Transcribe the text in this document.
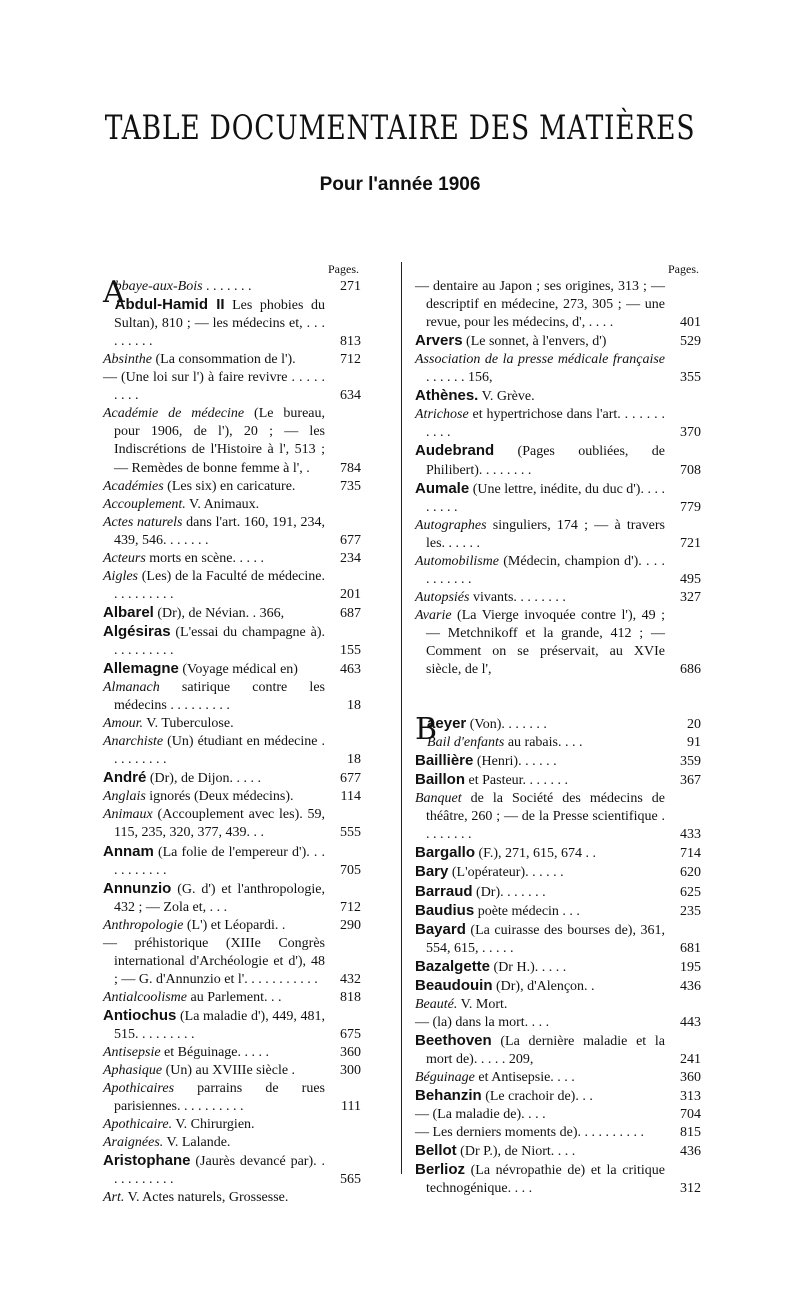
TABLE DOCUMENTAIRE DES MATIÈRES
Pour l'année 1906
Pages.
A
bbaye-aux-Bois . . . . . . .	271
Abdul-Hamid II Les phobies du Sultan), 810 ; — les médecins et, . . . . . . . . .	813
Absinthe (La consommation de l').	712
— (Une loi sur l') à faire revivre . . . . . . . . .	634
Académie de médecine (Le bureau, pour 1906, de l'), 20 ; — les Indiscrétions de l'Histoire à l', 513 ; — Remèdes de bonne femme à l', . 784
Académies (Les six) en caricature.	735
Accouplement. V. Animaux.
Actes naturels dans l'art. 160, 191, 234, 439, 546. . . . . . .	677
Acteurs morts en scène. . . . .	234
Aigles (Les) de la Faculté de médecine. . . . . . . . . .	201
Albarel (Dr), de Névian. . 366,	687
Algésiras (L'essai du champagne à). . . . . . . . . .	155
Allemagne (Voyage médical en)	463
Almanach satirique contre les médecins . . . . . . . . .	18
Amour. V. Tuberculose.
Anarchiste (Un) étudiant en médecine . . . . . . . . .	18
André (Dr), de Dijon. . . . .	677
Anglais ignorés (Deux médecins).	114
Animaux (Accouplement avec les). 59, 115, 235, 320, 377, 439. . .	555
Annam (La folie de l'empereur d'). . . . . . . . . . .	705
Annunzio (G. d') et l'anthropologie, 432 ; — Zola et, . . .	712
Anthropologie (L') et Léopardi. .	290
— préhistorique (XIIIe Congrès international d'Archéologie et d'), 48 ; — G. d'Annunzio et l'. . . . . . . . . . . 432
Antialcoolisme au Parlement. . .	818
Antiochus (La maladie d'), 449, 481, 515. . . . . . . . .	675
Antisepsie et Béguinage. . . . .	360
Aphasique (Un) au XVIIIe siècle .	300
Apothicaires parrains de rues parisiennes. . . . . . . . . .	111
Apothicaire. V. Chirurgien.
Araignées. V. Lalande.
Aristophane (Jaurès devancé par). . . . . . . . . . .	565
Art. V. Actes naturels, Grossesse.
Pages.
— dentaire au Japon ; ses origines, 313 ; — descriptif en médecine, 273, 305 ; — une revue, pour les médecins, d', . . . .	401
Arvers (Le sonnet, à l'envers, d')	529
Association de la presse médicale française . . . . . . 156,	355
Athènes. V. Grève.
Atrichose et hypertrichose dans l'art. . . . . . . . . . .	370
Audebrand (Pages oubliées, de Philibert). . . . . . . .	708
Aumale (Une lettre, inédite, du duc d'). . . . . . . . .	779
Autographes singuliers, 174 ; — à travers les. . . . . .	721
Automobilisme (Médecin, champion d'). . . . . . . . . . .	495
Autopsiés vivants. . . . . . . .	327
Avarie (La Vierge invoquée contre l'), 49 ; — Metchnikoff et la grande, 412 ; — Comment on se préservait, au XVIe siècle, de l',	686
B
aeyer (Von). . . . . . .	20
Bail d'enfants au rabais. . . .	91
Baillière (Henri). . . . . .	359
Baillon et Pasteur. . . . . . .	367
Banquet de la Société des médecins de théâtre, 260 ; — de la Presse scientifique . . . . . . . .	433
Bargallo (F.), 271, 615, 674 . .	714
Bary (L'opérateur). . . . . .	620
Barraud (Dr). . . . . . .	625
Baudius poète médecin . . .	235
Bayard (La cuirasse des bourses de), 361, 554, 615, . . . . .	681
Bazalgette (Dr H.). . . . .	195
Beaudouin (Dr), d'Alençon. .	436
Beauté. V. Mort.
— (la) dans la mort. . . .	443
Beethoven (La dernière maladie et la mort de). . . . . 209,	241
Béguinage et Antisepsie. . . .	360
Behanzin (Le crachoir de). . .	313
— (La maladie de). . . .	704
— Les derniers moments de). . . . . . . . . .	815
Bellot (Dr P.), de Niort. . . .	436
Berlioz (La névropathie de) et la critique technogénique. . . .	312
